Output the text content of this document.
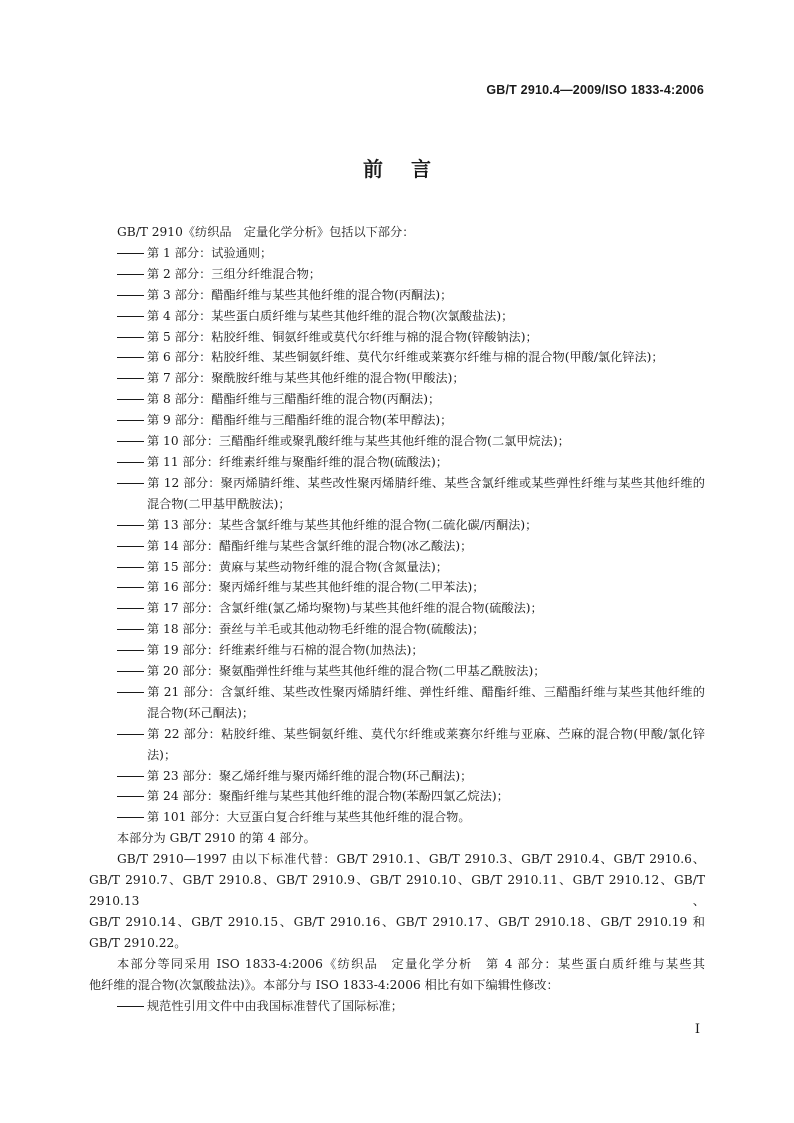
GB/T 2910.4—2009/ISO 1833-4:2006
前言

GB/T 2910《纺织品　定量化学分析》包括以下部分：

第 1 部分：试验通则；

第 2 部分：三组分纤维混合物；

第 3 部分：醋酯纤维与某些其他纤维的混合物(丙酮法)；

第 4 部分：某些蛋白质纤维与某些其他纤维的混合物(次氯酸盐法)；

第 5 部分：粘胶纤维、铜氨纤维或莫代尔纤维与棉的混合物(锌酸钠法)；

第 6 部分：粘胶纤维、某些铜氨纤维、莫代尔纤维或莱赛尔纤维与棉的混合物(甲酸/氯化锌法)；

第 7 部分：聚酰胺纤维与某些其他纤维的混合物(甲酸法)；

第 8 部分：醋酯纤维与三醋酯纤维的混合物(丙酮法)；

第 9 部分：醋酯纤维与三醋酯纤维的混合物(苯甲醇法)；

第 10 部分：三醋酯纤维或聚乳酸纤维与某些其他纤维的混合物(二氯甲烷法)；

第 11 部分：纤维素纤维与聚酯纤维的混合物(硫酸法)；

第 12 部分：聚丙烯腈纤维、某些改性聚丙烯腈纤维、某些含氯纤维或某些弹性纤维与某些其他纤维的混合物(二甲基甲酰胺法)；

第 13 部分：某些含氯纤维与某些其他纤维的混合物(二硫化碳/丙酮法)；

第 14 部分：醋酯纤维与某些含氯纤维的混合物(冰乙酸法)；

第 15 部分：黄麻与某些动物纤维的混合物(含氮量法)；

第 16 部分：聚丙烯纤维与某些其他纤维的混合物(二甲苯法)；

第 17 部分：含氯纤维(氯乙烯均聚物)与某些其他纤维的混合物(硫酸法)；

第 18 部分：蚕丝与羊毛或其他动物毛纤维的混合物(硫酸法)；

第 19 部分：纤维素纤维与石棉的混合物(加热法)；

第 20 部分：聚氨酯弹性纤维与某些其他纤维的混合物(二甲基乙酰胺法)；

第 21 部分：含氯纤维、某些改性聚丙烯腈纤维、弹性纤维、醋酯纤维、三醋酯纤维与某些其他纤维的混合物(环己酮法)；

第 22 部分：粘胶纤维、某些铜氨纤维、莫代尔纤维或莱赛尔纤维与亚麻、苎麻的混合物(甲酸/氯化锌法)；

第 23 部分：聚乙烯纤维与聚丙烯纤维的混合物(环己酮法)；

第 24 部分：聚酯纤维与某些其他纤维的混合物(苯酚四氯乙烷法)；

第 101 部分：大豆蛋白复合纤维与某些其他纤维的混合物。

本部分为 GB/T 2910 的第 4 部分。

GB/T 2910—1997 由以下标准代替：GB/T 2910.1、GB/T 2910.3、GB/T 2910.4、GB/T 2910.6、

GB/T 2910.7、GB/T 2910.8、GB/T 2910.9、GB/T 2910.10、GB/T 2910.11、GB/T 2910.12、GB/T 2910.13、

GB/T 2910.14、GB/T 2910.15、GB/T 2910.16、GB/T 2910.17、GB/T 2910.18、GB/T 2910.19 和

GB/T 2910.22。

本部分等同采用 ISO 1833-4:2006《纺织品　定量化学分析　第 4 部分：某些蛋白质纤维与某些其

他纤维的混合物(次氯酸盐法)》。本部分与 ISO 1833-4:2006 相比有如下编辑性修改：

规范性引用文件中由我国标准替代了国际标准；

I
